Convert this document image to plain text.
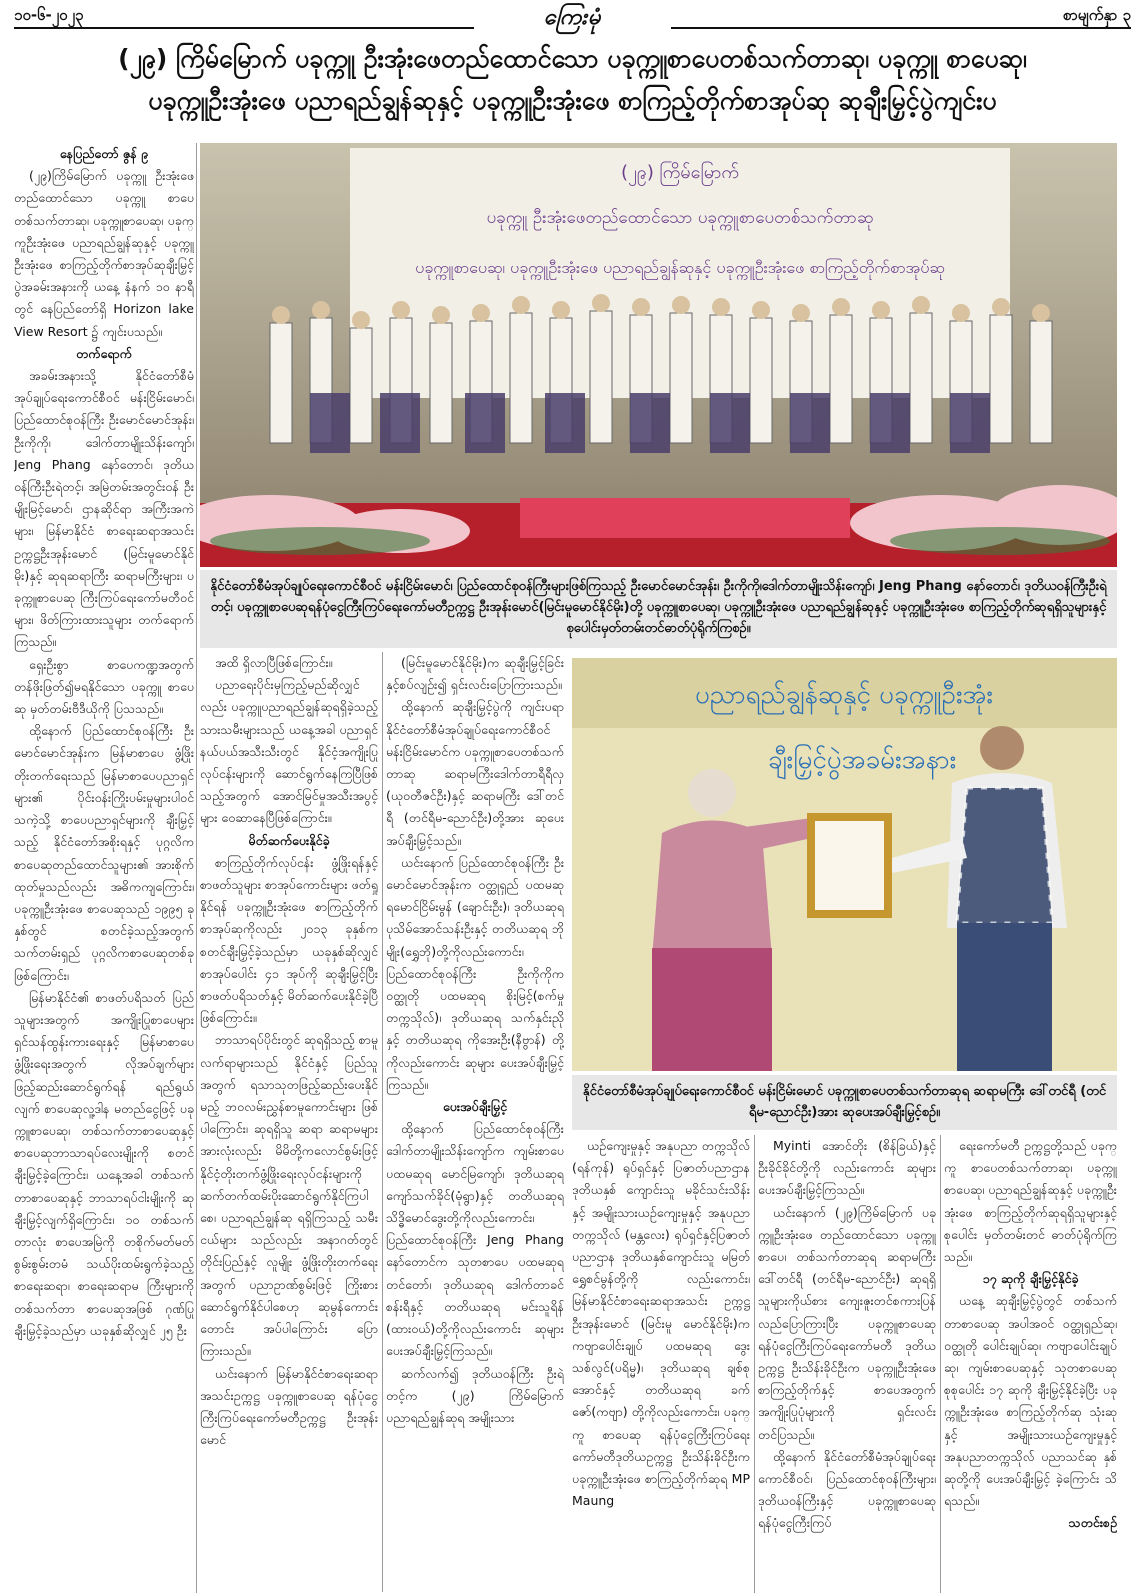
၁၀-၆-၂၀၂၃	ကြေးမုံ	စာမျက်နှာ ၃
(၂၉) ကြိမ်မြောက် ပခုက္ကူ ဦးအုံးဖေတည်ထောင်သော ပခုက္ကူစာပေတစ်သက်တာဆု၊ ပခုက္ကူ စာပေဆု၊
ပခုက္ကူဦးအုံးဖေ ပညာရည်ချွန်ဆုနှင့် ပခုက္ကူဦးအုံးဖေ စာကြည့်တိုက်စာအုပ်ဆု ဆုချီးမြှင့်ပွဲကျင်းပ
(၂၉) ကြိမ်မြောက်
ပခုက္ကူ ဦးအုံးဖေတည်ထောင်သော ပခုက္ကူစာပေတစ်သက်တာဆု
ပခုက္ကူစာပေဆု၊ ပခုက္ကူဦးအုံးဖေ ပညာရည်ချွန်ဆုနှင့် ပခုက္ကူဦးအုံးဖေ စာကြည့်တိုက်စာအုပ်ဆု
နိုင်ငံတော်စီမံအုပ်ချုပ်ရေးကောင်စီဝင် မန်းငြိမ်းမောင်၊ ပြည်ထောင်စုဝန်ကြီးများဖြစ်ကြသည့် ဦးမောင်မောင်အုန်း၊ ဦးကိုကို၊ဒေါက်တာမျိုးသိန်းကျော်၊ Jeng Phang နော်တောင်၊ ဒုတိယဝန်ကြီးဦးရဲတင့်၊ ပခုက္ကူစာပေဆုရန်ပုံငွေကြီးကြပ်ရေးကော်မတီဥက္ကဋ္ဌ ဦးအုန်းမောင်(မြင်းမူမောင်နိုင်မိုး)တို့ ပခုက္ကူစာပေဆု၊ ပခုက္ကူဦးအုံးဖေ ပညာရည်ချွန်ဆုနှင့် ပခုက္ကူဦးအုံးဖေ စာကြည့်တိုက်ဆုရရှိသူများနှင့် စုပေါင်းမှတ်တမ်းတင်ဓာတ်ပုံရိုက်ကြစဉ်။
ပညာရည်ချွန်ဆုနှင့် ပခုက္ကူဦးအုံး
ချီးမြှင့်ပွဲအခမ်းအနား
နိုင်ငံတော်စီမံအုပ်ချုပ်ရေးကောင်စီဝင် မန်းငြိမ်းမောင် ပခုက္ကူစာပေတစ်သက်တာဆုရ ဆရာမကြီး ဒေါ်တင်ရီ (တင်ရီမ-ညောင်ဦး)အား ဆုပေးအပ်ချီးမြှင့်စဉ်။

နေပြည်တော် ဇွန် ၉

(၂၉)ကြိမ်မြောက် ပခုက္ကူ ဦးအုံးဖေ တည်ထောင်သော ပခုက္ကူ စာပေတစ်သက်တာဆု၊ ပခုက္ကူစာပေဆု၊ ပခုက္ကူဦးအုံးဖေ ပညာရည်ချွန်ဆုနှင့် ပခုက္ကူ ဦးအုံးဖေ စာကြည့်တိုက်စာအုပ်ဆုချီးမြှင့်ပွဲအခမ်းအနားကို ယနေ့ နံနက် ၁၀ နာရီတွင် နေပြည်တော်ရှိ Horizon lake View Resort ၌ ကျင်းပသည်။

တက်ရောက်

အခမ်းအနားသို့ နိုင်ငံတော်စီမံအုပ်ချုပ်ရေးကောင်စီဝင် မန်းငြိမ်းမောင်၊ ပြည်ထောင်စုဝန်ကြီး ဦးမောင်မောင်အုန်း၊ ဦးကိုကို၊ ဒေါက်တာမျိုးသိန်းကျော်၊ Jeng Phang နော်တောင်၊ ဒုတိယဝန်ကြီးဦးရဲတင့်၊ အမြဲတမ်းအတွင်းဝန် ဦးမျိုးမြင့်မောင်၊ ဌာနဆိုင်ရာ အကြီးအကဲများ၊ မြန်မာနိုင်ငံ စာရေးဆရာအသင်း ဥက္ကဋ္ဌဦးအုန်းမောင် (မြင်းမူမောင်နိုင်မိုး)နှင့် ဆုရဆရာကြီး ဆရာမကြီးများ၊ ပခုက္ကူစာပေဆု ကြီးကြပ်ရေးကော်မတီဝင်များ၊ ဖိတ်ကြားထားသူများ တက်ရောက်ကြသည်။

ရှေးဦးစွာ စာပေကဏ္ဍအတွက် တန်ဖိုးဖြတ်၍မရနိုင်သော ပခုက္ကူ စာပေဆု မှတ်တမ်းဗီဒီယိုကို ပြသသည်။

ထို့နောက် ပြည်ထောင်စုဝန်ကြီး ဦးမောင်မောင်အုန်းက မြန်မာစာပေ ဖွံ့ဖြိုးတိုးတက်ရေးသည် မြန်မာစာပေပညာရှင်များ၏ ပိုင်းဝန်းကြိုးပမ်းမှုများပါဝင်သကဲ့သို့ စာပေပညာရှင်များကို ချီးမြှင့်သည့် နိုင်ငံတော်အစိုးရနှင့် ပုဂ္ဂလိကစာပေဆုတည်ထောင်သူများ၏ အားစိုက်ထုတ်မှုသည်လည်း အဓိကကျကြောင်း၊ ပခုက္ကူဦးအုံးဖေ စာပေဆုသည် ၁၉၉၅ ခုနှစ်တွင် စတင်ခဲ့သည့်အတွက် သက်တမ်းရှည် ပုဂ္ဂလိကစာပေဆုတစ်ခုဖြစ်ကြောင်း၊

မြန်မာနိုင်ငံ၏ စာဖတ်ပရိသတ် ပြည်သူများအတွက် အကျိုးပြုစာပေများ ရှင်သန်ထွန်းကားရေးနှင့် မြန်မာစာပေဖွံ့ဖြိုးရေးအတွက် လိုအပ်ချက်များ ဖြည့်ဆည်းဆောင်ရွက်ရန် ရည်ရွယ်လျက် စာပေဆုလူ့ဒါန မတည်ငွေဖြင့် ပခုက္ကူစာပေဆု၊ တစ်သက်တာစာပေဆုနှင့် စာပေဆုဘာသာရပ်လေးမျိုးကို စတင်ချီးမြှင့်ခဲ့ကြောင်း၊ ယနေ့အခါ တစ်သက်တာစာပေဆုနှင့် ဘာသာရပ်ငါးမျိုးကို ဆုချီးမြှင့်လျက်ရှိကြောင်း၊ ၁၀ တစ်သက်တာလုံး စာပေအမြဲကို တစိုက်မတ်မတ် စွမ်းစွမ်းတမံ သယ်ပိုးထမ်းရွက်ခဲ့သည့် စာရေးဆရာ၊ စာရေးဆရာမ ကြီးများကို တစ်သက်တာ စာပေဆုအဖြစ် ဂုဏ်ပြုချီးမြှင့်ခဲ့သည်မှာ ယခုနှစ်ဆိုလျှင် ၂၅ ဦး

အထိ ရှိလာပြီဖြစ်ကြောင်း။

ပညာရေးပိုင်းမှကြည့်မည်ဆိုလျှင်လည်း ပခုက္ကူပညာရည်ချွန်ဆုရရှိခဲ့သည့် သားသမီးများသည် ယနေ့အခါ ပညာရှင်နယ်ပယ်အသီးသီးတွင် နိုင်ငံ့အကျိုးပြုလုပ်ငန်းများကို ဆောင်ရွက်နေကြပြီဖြစ်သည့်အတွက် အောင်မြင်မှုအသီးအပွင့်များ ဝေဆာနေပြီဖြစ်ကြောင်း။

မိတ်ဆက်ပေးနိုင်ခဲ့

စာကြည့်တိုက်လုပ်ငန်း ဖွံ့ဖြိုးရန်နှင့် စာဖတ်သူများ စာအုပ်ကောင်းများ ဖတ်ရှုနိုင်ရန် ပခုက္ကူဦးအုံးဖေ စာကြည့်တိုက်စာအုပ်ဆုကိုလည်း ၂၀၁၃ ခုနှစ်က စတင်ချီးမြှင့်ခဲ့သည်မှာ ယခုနှစ်ဆိုလျှင် စာအုပ်ပေါင်း ၄၁ အုပ်ကို ဆုချီးမြှင့်ပြီး စာဖတ်ပရိသတ်နှင့် မိတ်ဆက်ပေးနိုင်ခဲ့ပြီဖြစ်ကြောင်း။

ဘာသာရပ်ပိုင်းတွင် ဆုရရှိသည့် စာမူလက်ရာများသည် နိုင်ငံနှင့် ပြည်သူအတွက် ရသာသုတဖြည့်ဆည်းပေးနိုင်မည့် ဘဝလမ်းညွှန်စာမူကောင်းများ ဖြစ်ပါကြောင်း၊ ဆုရရှိသူ ဆရာ ဆရာမများအားလုံးလည်း မိမိတို့ကလောင်စွမ်းဖြင့် နိုင်ငံ့တိုးတက်ဖွံ့ဖြိုးရေးလုပ်ငန်းများကို ဆက်တက်ထမ်းပိုးဆောင်ရွက်နိုင်ကြပါစေ၊ ပညာရည်ချွန်ဆု ရရှိကြသည့် သမီးငယ်များ သည်လည်း အနာဂတ်တွင် တိုင်းပြည်နှင့် လူမျိုး ဖွံ့ဖြိုးတိုးတက်ရေးအတွက် ပညာဥာဏ်စွမ်းဖြင့် ကြိုးစားဆောင်ရွက်နိုင်ပါစေဟု ဆုမွန်ကောင်းတောင်း အပ်ပါကြောင်း ပြောကြားသည်။

ယင်းနောက် မြန်မာနိုင်ငံစာရေးဆရာအသင်းဥက္ကဋ္ဌ ပခုက္ကူစာပေဆု ရန်ပုံငွေကြီးကြပ်ရေးကော်မတီဥက္ကဋ္ဌ ဦးအုန်းမောင်

(မြင်းမူမောင်နိုင်မိုး)က ဆုချီးမြှင့်ခြင်းနှင့်စပ်လျဉ်း၍ ရှင်းလင်းပြောကြားသည်။

ထို့နောက် ဆုချီးမြှင့်ပွဲကို ကျင်းပရာ နိုင်ငံတော်စီမံအုပ်ချုပ်ရေးကောင်စီဝင် မန်းငြိမ်းမောင်က ပခုက္ကူစာပေတစ်သက်တာဆု ဆရာမကြီးဒေါက်တာရီရီလှ (ယုဝတီဇင်ဦး)နှင့် ဆရာမကြီး ဒေါ်တင်ရီ (တင်ရီမ-ညောင်ဦး)တို့အား ဆုပေးအပ်ချီးမြှင့်သည်။

ယင်းနောက် ပြည်ထောင်စုဝန်ကြီး ဦးမောင်မောင်အုန်းက ဝတ္ထုရှည် ပထမဆုရမောင်ငြိမ်းမွန် (ချောင်းဦး)၊ ဒုတိယဆုရ ပုသိမ်အောင်သန်းဦးနှင့် တတိယဆုရ ဘိုမျိုး(ရွှေဘို)တို့ကိုလည်းကောင်း၊ ပြည်ထောင်စုဝန်ကြီး ဦးကိုကိုက ဝတ္ထုတို ပထမဆုရ စိုးမြင့်(စက်မှုတက္ကသိုလ်)၊ ဒုတိယဆုရ သက်နှင်းညိုနှင့် တတိယဆုရ ကိုအေးဦး(နီဗွာန်) တို့ကိုလည်းကောင်း ဆုများ ပေးအပ်ချီးမြှင့်ကြသည်။

ပေးအပ်ချီးမြှင့်

ထို့နောက် ပြည်ထောင်စုဝန်ကြီး ဒေါက်တာမျိုးသိန်းကျော်က ကျမ်းစာပေပထမဆုရ မောင်မြကျော်၊ ဒုတိယဆုရ ကျော်သက်ခိုင်(မုံရွာ)နှင့် တတိယဆုရ သိဒ္ဓိမောင်ဒွေးတို့ကိုလည်းကောင်း၊ ပြည်ထောင်စုဝန်ကြီး Jeng Phang နော်တောင်က သုတစာပေ ပထမဆုရ တင်တော်၊ ဒုတိယဆုရ ဒေါက်တာခင်စန်းရီနှင့် တတိယဆုရ မင်းသူရိန် (ထားဝယ်)တို့ကိုလည်းကောင်း ဆုများပေးအပ်ချီးမြှင့်ကြသည်။

ဆက်လက်၍ ဒုတိယဝန်ကြီး ဦးရဲတင့်က (၂၉) ကြိမ်မြောက် ပညာရည်ချွန်ဆုရ အမျိုးသား

ယဉ်ကျေးမှုနှင့် အနုပညာ တက္ကသိုလ် (ရန်ကုန်) ရုပ်ရှင်နှင့် ပြဇာတ်ပညာဌာန ဒုတိယနှစ် ကျောင်းသူ မခိုင်သင်းသိန်းနှင့် အမျိုးသားယဉ်ကျေးမှုနှင့် အနုပညာတက္ကသိုလ် (မန္တလေး) ရုပ်ရှင်နှင့်ပြဇာတ် ပညာဌာန ဒုတိယနှစ်ကျောင်းသူ မမြတ် ရွှေစင်မွန်တို့ကို လည်းကောင်း၊ မြန်မာနိုင်ငံစာရေးဆရာအသင်း ဥက္ကဋ္ဌ ဦးအုန်းမောင် (မြင်းမူ မောင်နိုင်မိုး)က ကဗျာပေါင်းချုပ် ပထမဆုရ ဒွေးသစ်လွင်(ပရိမ္မ)၊ ဒုတိယဆုရ ချစ်စုအောင်နှင့် တတိယဆုရ ခက်ဇော်(ကဗျာ) တို့ကိုလည်းကောင်း၊ ပခုက္ကူ စာပေဆု ရန်ပုံငွေကြီးကြပ်ရေး ကော်မတီဒုတိယဥက္ကဋ္ဌ ဦးသိန်းခိုင်ဦးက ပခုက္ကူဦးအုံးဖေ စာကြည့်တိုက်ဆုရ MP Maung

Myinti အောင်တိုး (စိန်ခြယ်)နှင့် ဦးခိုင်ခိုင်တို့ကို လည်းကောင်း ဆုများ ပေးအပ်ချီးမြှင့်ကြသည်။

ယင်းနောက် (၂၉)ကြိမ်မြောက် ပခုက္ကူဦးအုံးဖေ တည်ထောင်သော ပခုက္ကူစာပေ၊ တစ်သက်တာဆုရ ဆရာမကြီး ဒေါ်တင်ရီ (တင်ရီမ-ညောင်ဦး) ဆုရရှိသူများကိုယ်စား ကျေးဇူးတင်စကားပြန်လည်ပြောကြားပြီး ပခုက္ကူစာပေဆု ရန်ပုံငွေကြီးကြပ်ရေးကော်မတီ ဒုတိယဥက္ကဋ္ဌ ဦးသိန်းခိုင်ဦးက ပခုက္ကူဦးအုံးဖေ စာကြည့်တိုက်နှင့် စာပေအတွက် အကျိုးပြုပုံများကို ရှင်းလင်း တင်ပြသည်။

ထို့နောက် နိုင်ငံတော်စီမံအုပ်ချုပ်ရေးကောင်စီဝင်၊ ပြည်ထောင်စုဝန်ကြီးများ၊ ဒုတိယဝန်ကြီးနှင့် ပခုက္ကူစာပေဆုရန်ပုံငွေကြီးကြပ်

ရေးကော်မတီ ဥက္ကဋ္ဌတို့သည် ပခုက္ကူ စာပေတစ်သက်တာဆု၊ ပခုက္ကူစာပေဆု၊ ပညာရည်ချွန်ဆုနှင့် ပခုက္ကူဦးအုံးဖေ စာကြည့်တိုက်ဆုရရှိသူများနှင့် စုပေါင်း မှတ်တမ်းတင် ဓာတ်ပုံရိုက်ကြ သည်။

၁၇ ဆုကို ချီးမြှင့်နိုင်ခဲ့

ယနေ့ ဆုချီးမြှင့်ပွဲတွင် တစ်သက်တာစာပေဆု အပါအဝင် ဝတ္ထုရှည်ဆု၊ ဝတ္ထုတို ပေါင်းချုပ်ဆု၊ ကဗျာပေါင်းချုပ်ဆု၊ ကျမ်းစာပေဆုနှင့် သုတစာပေဆု စုစုပေါင်း ၁၇ ဆုကို ချီးမြှင့်နိုင်ခဲ့ပြီး ပခုက္ကူဦးအုံးဖေ စာကြည့်တိုက်ဆု သုံးဆုနှင့် အမျိုးသားယဉ်ကျေးမှုနှင့် အနုပညာတက္ကသိုလ် ပညာသင်ဆု နှစ်ဆုတို့ကို ပေးအပ်ချီးမြှင့် ခဲ့ကြောင်း သိရသည်။

သတင်းစဉ်
